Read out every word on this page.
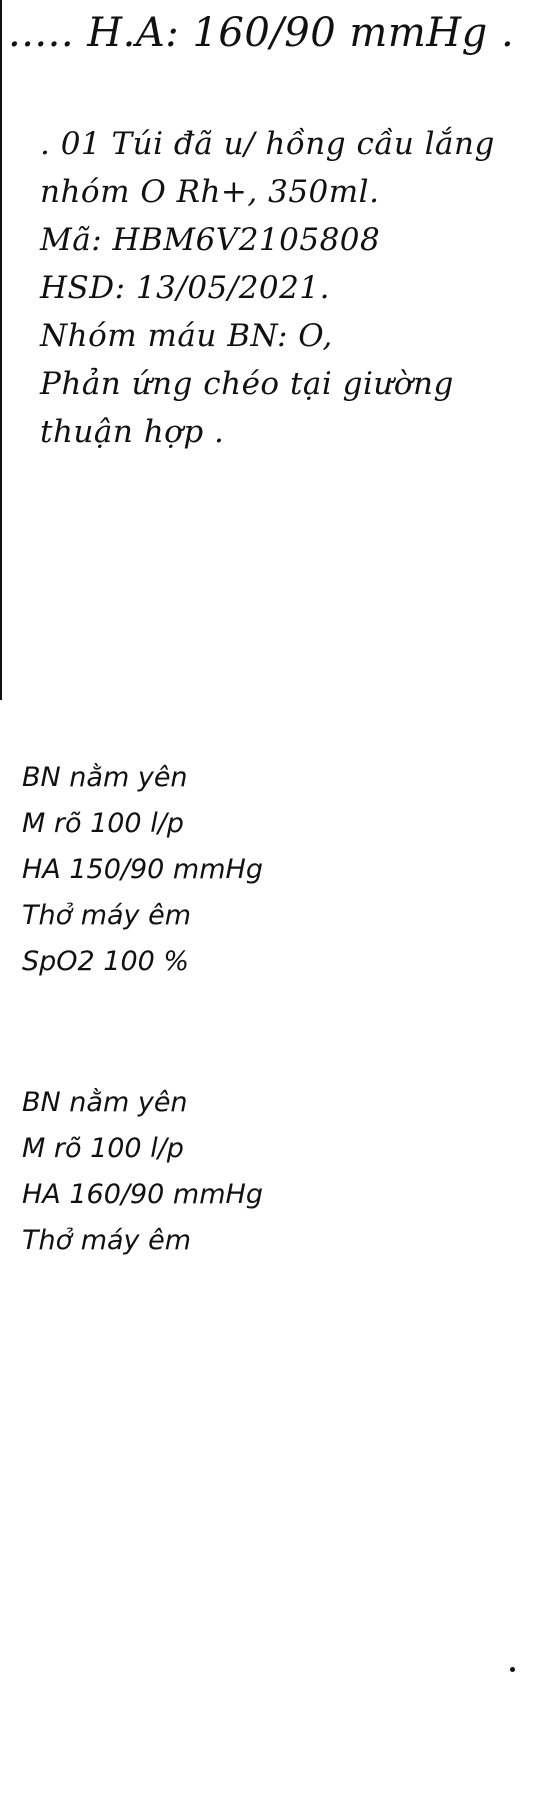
..... H.A: 160/90 mmHg .
. 01 Túi đã u/ hồng cầu lắng
nhóm O Rh+, 350ml.
Mã: HBM6V2105808
HSD: 13/05/2021.
Nhóm máu BN: O,
Phản ứng chéo tại giường
thuận hợp .
BN nằm yên
M rõ 100 l/p
HA 150/90 mmHg
Thở máy êm
SpO2 100 %
BN nằm yên
M rõ 100 l/p
HA 160/90 mmHg
Thở máy êm
